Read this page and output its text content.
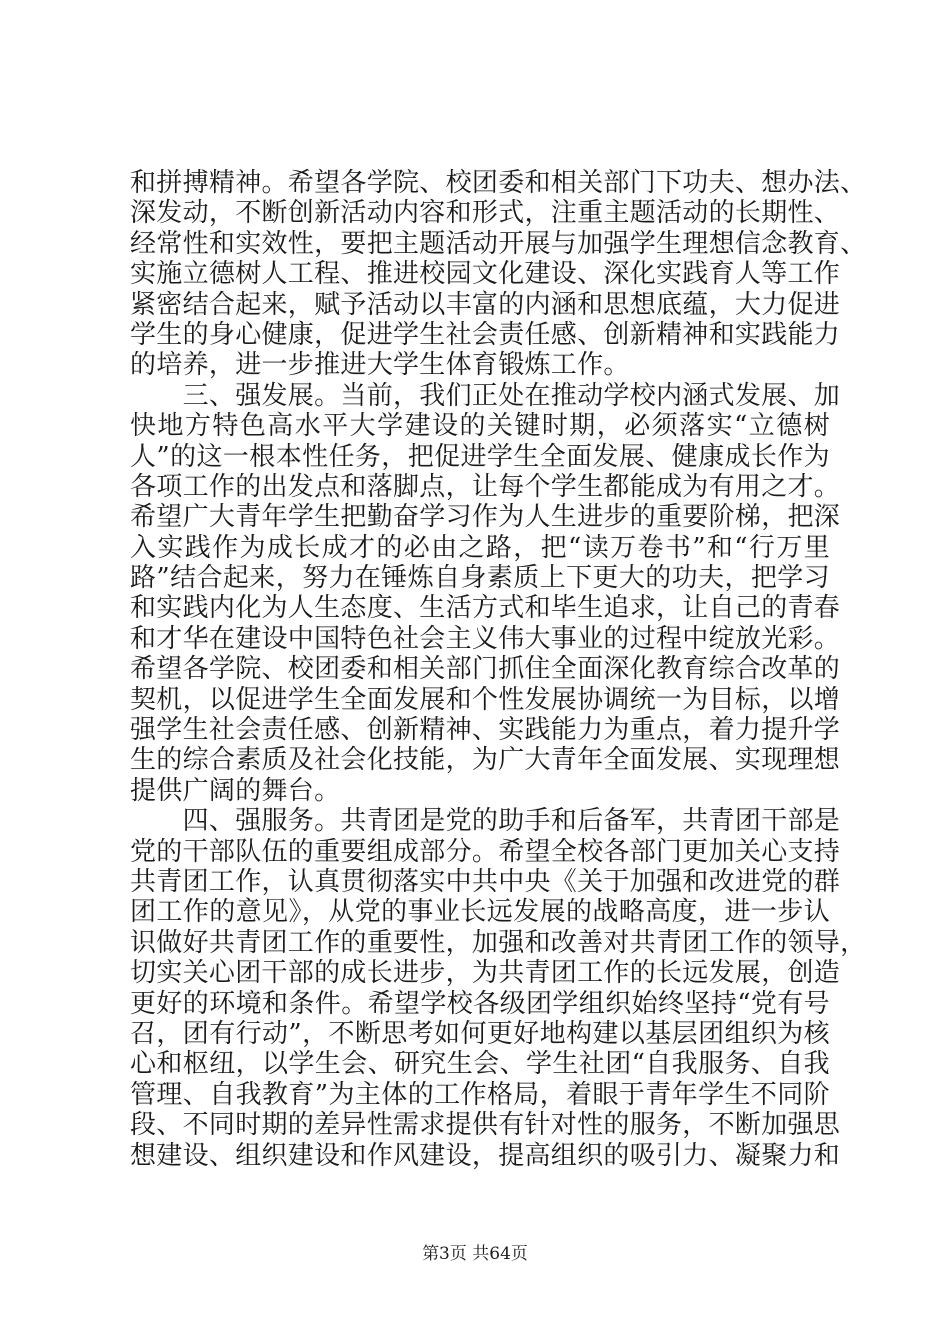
和拼搏精神。希望各学院、校团委和相关部门下功夫、想办法、
深发动，不断创新活动内容和形式，注重主题活动的长期性、
经常性和实效性，要把主题活动开展与加强学生理想信念教育、
实施立德树人工程、推进校园文化建设、深化实践育人等工作
紧密结合起来，赋予活动以丰富的内涵和思想底蕴，大力促进
学生的身心健康，促进学生社会责任感、创新精神和实践能力
的培养，进一步推进大学生体育锻炼工作。
　　三、强发展。当前，我们正处在推动学校内涵式发展、加
快地方特色高水平大学建设的关键时期，必须落实“立德树
人”的这一根本性任务，把促进学生全面发展、健康成长作为
各项工作的出发点和落脚点，让每个学生都能成为有用之才。
希望广大青年学生把勤奋学习作为人生进步的重要阶梯，把深
入实践作为成长成才的必由之路，把“读万卷书”和“行万里
路”结合起来，努力在锤炼自身素质上下更大的功夫，把学习
和实践内化为人生态度、生活方式和毕生追求，让自己的青春
和才华在建设中国特色社会主义伟大事业的过程中绽放光彩。
希望各学院、校团委和相关部门抓住全面深化教育综合改革的
契机，以促进学生全面发展和个性发展协调统一为目标，以增
强学生社会责任感、创新精神、实践能力为重点，着力提升学
生的综合素质及社会化技能，为广大青年全面发展、实现理想
提供广阔的舞台。
　　四、强服务。共青团是党的助手和后备军，共青团干部是
党的干部队伍的重要组成部分。希望全校各部门更加关心支持
共青团工作，认真贯彻落实中共中央《关于加强和改进党的群
团工作的意见》，从党的事业长远发展的战略高度，进一步认
识做好共青团工作的重要性，加强和改善对共青团工作的领导，
切实关心团干部的成长进步，为共青团工作的长远发展，创造
更好的环境和条件。希望学校各级团学组织始终坚持“党有号
召，团有行动”，不断思考如何更好地构建以基层团组织为核
心和枢纽，以学生会、研究生会、学生社团“自我服务、自我
管理、自我教育”为主体的工作格局，着眼于青年学生不同阶
段、不同时期的差异性需求提供有针对性的服务，不断加强思
想建设、组织建设和作风建设，提高组织的吸引力、凝聚力和
第3页 共64页
